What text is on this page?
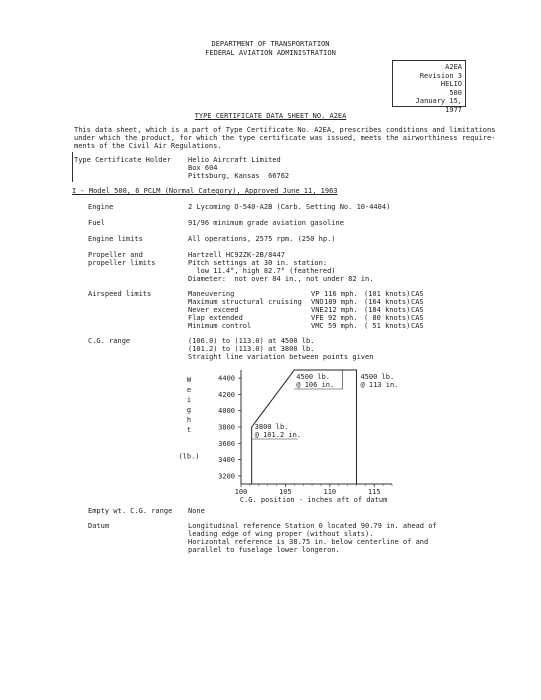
DEPARTMENT OF TRANSPORTATION
FEDERAL AVIATION ADMINISTRATION
A2EA
Revision 3
HELIO
500
January 15, 1977
TYPE CERTIFICATE DATA SHEET NO. A2EA
This data sheet, which is a part of Type Certificate No. A2EA, prescribes conditions and limitations
under which the product, for which the type certificate was issued, meets the airworthiness require-
ments of the Civil Air Regulations.
Type Certificate Holder Helio Aircraft Limited
Box 604
Pittsburg, Kansas  66762
I - Model 500, 6 PCLM (Normal Category), Approved June 11, 1963
Engine	2 Lycoming O-540-A2B (Carb. Setting No. 10-4404)
Fuel	91/96 minimum grade aviation gasoline
Engine limits	All operations, 2575 rpm. (250 hp.)
Propeller and
propeller limits
Hartzell HC92ZK-2B/8447
Pitch settings at 30 in. station:
low 11.4°, high 82.7° (feathered)
Diameter:  not over 84 in., not under 82 in.
Airspeed limits	Maneuvering	VP 116 mph. (101 knots) CAS
Maximum structural cruising VNO 189 mph. (164 knots) CAS
Never exceed	VNE 212 mph. (184 knots) CAS
Flap extended	VFE 92 mph. ( 80 knots) CAS
Minimum control	VMC 59 mph. ( 51 knots) CAS
C.G. range	(106.0) to (113.0) at 4500 lb.
(101.2) to (113.0) at 3800 lb.
Straight line variation between points given
3200
3400
3600
3800
4000
4200
4400
100	105	110	115
W
e
i
g
h
t
(lb.)
C.G. position - inches aft of datum
4500 lb.
@ 106 in.
4500 lb.
@ 113 in.
3800 lb.
@ 101.2 in.
Empty wt. C.G. range None
Datum	Longitudinal reference Station 0 located 90.79 in. ahead of
leading edge of wing proper (without slats).
Horizontal reference is 38.75 in. below centerline of and
parallel to fuselage lower longeron.
